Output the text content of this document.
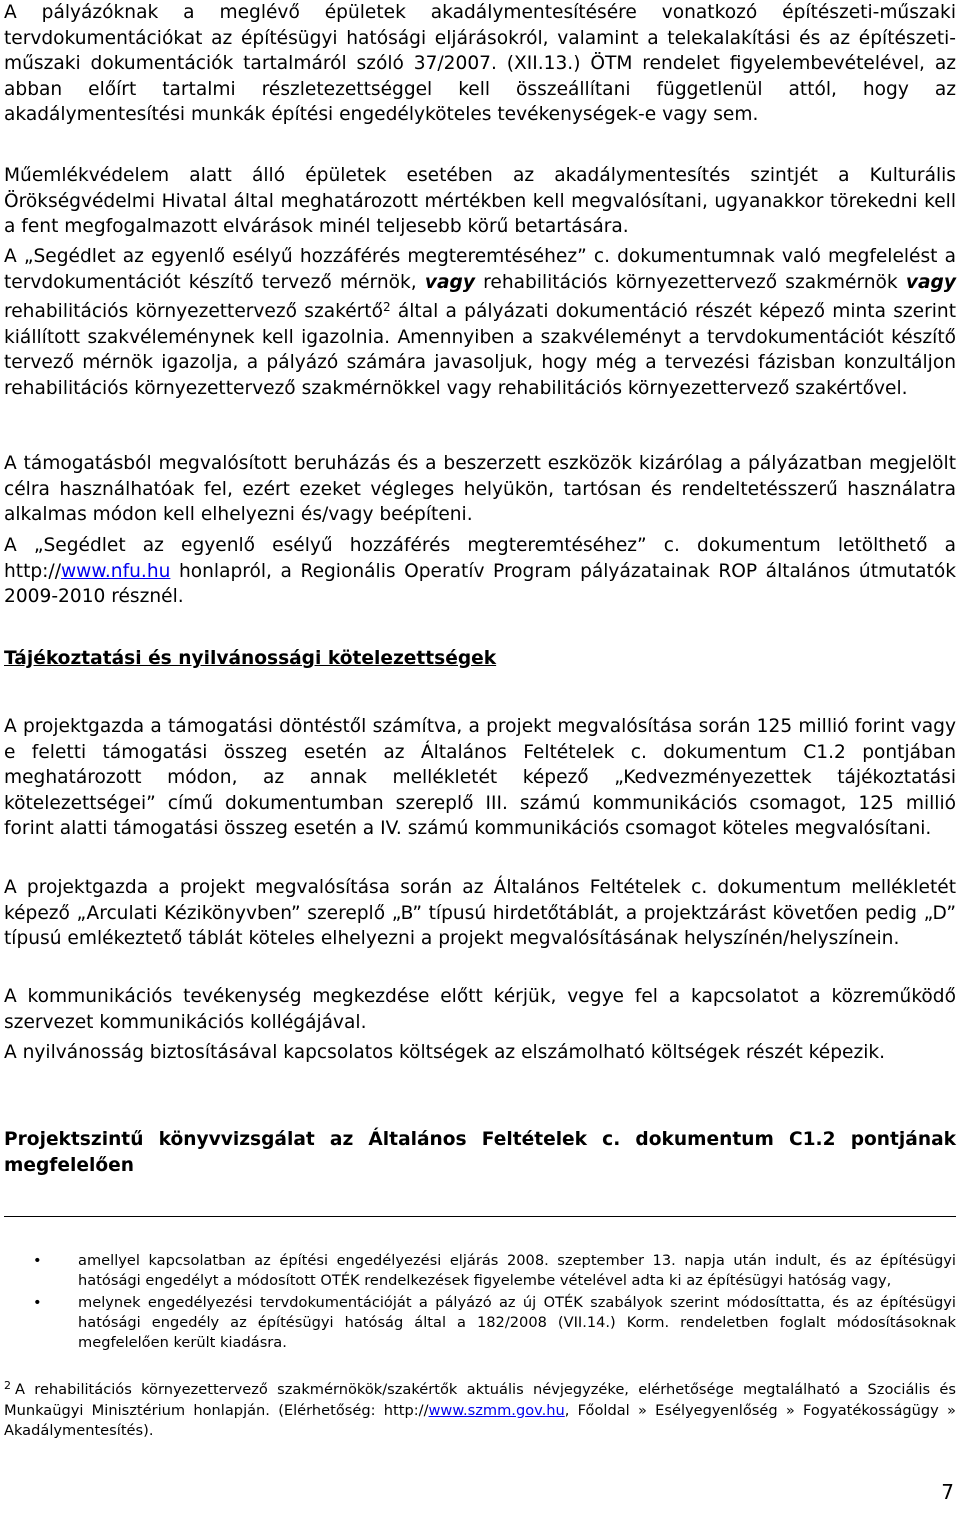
A pályázóknak a meglévő épületek akadálymentesítésére vonatkozó építészeti-műszaki tervdokumentációkat az építésügyi hatósági eljárásokról, valamint a telekalakítási és az építészeti-műszaki dokumentációk tartalmáról szóló 37/2007. (XII.13.) ÖTM rendelet figyelembevételével, az abban előírt tartalmi részletezettséggel kell összeállítani függetlenül attól, hogy az akadálymentesítési munkák építési engedélyköteles tevékenységek-e vagy sem.

Műemlékvédelem alatt álló épületek esetében az akadálymentesítés szintjét a Kulturális Örökségvédelmi Hivatal által meghatározott mértékben kell megvalósítani, ugyanakkor törekedni kell a fent megfogalmazott elvárások minél teljesebb körű betartására.

A „Segédlet az egyenlő esélyű hozzáférés megteremtéséhez” c. dokumentumnak való megfelelést a tervdokumentációt készítő tervező mérnök, vagy rehabilitációs környezettervező szakmérnök vagy rehabilitációs környezettervező szakértő$^2$ által a pályázati dokumentáció részét képező minta szerint kiállított szakvéleménynek kell igazolnia. Amennyiben a szakvéleményt a tervdokumentációt készítő tervező mérnök igazolja, a pályázó számára javasoljuk, hogy még a tervezési fázisban konzultáljon rehabilitációs környezettervező szakmérnökkel vagy rehabilitációs környezettervező szakértővel.

A támogatásból megvalósított beruházás és a beszerzett eszközök kizárólag a pályázatban megjelölt célra használhatóak fel, ezért ezeket végleges helyükön, tartósan és rendeltetésszerű használatra alkalmas módon kell elhelyezni és/vagy beépíteni.

A „Segédlet az egyenlő esélyű hozzáférés megteremtéséhez” c. dokumentum letölthető a http://www.nfu.hu honlapról, a Regionális Operatív Program pályázatainak ROP általános útmutatók 2009-2010 résznél.

Tájékoztatási és nyilvánossági kötelezettségek

A projektgazda a támogatási döntéstől számítva, a projekt megvalósítása során 125 millió forint vagy e feletti támogatási összeg esetén az Általános Feltételek c. dokumentum C1.2 pontjában meghatározott módon, az annak mellékletét képező „Kedvezményezettek tájékoztatási kötelezettségei” című dokumentumban szereplő III. számú kommunikációs csomagot, 125 millió forint alatti támogatási összeg esetén a IV. számú kommunikációs csomagot köteles megvalósítani.

A projektgazda a projekt megvalósítása során az Általános Feltételek c. dokumentum mellékletét képező „Arculati Kézikönyvben” szereplő „B” típusú hirdetőtáblát, a projektzárást követően pedig „D” típusú emlékeztető táblát köteles elhelyezni a projekt megvalósításának helyszínén/helyszínein.

A kommunikációs tevékenység megkezdése előtt kérjük, vegye fel a kapcsolatot a közreműködő szervezet kommunikációs kollégájával.

A nyilvánosság biztosításával kapcsolatos költségek az elszámolható költségek részét képezik.

Projektszintű könyvvizsgálat az Általános Feltételek c. dokumentum C1.2 pontjának megfelelően

• amellyel kapcsolatban az építési engedélyezési eljárás 2008. szeptember 13. napja után indult, és az építésügyi hatósági engedélyt a módosított OTÉK rendelkezések figyelembe vételével adta ki az építésügyi hatóság vagy,
• melynek engedélyezési tervdokumentációját a pályázó az új OTÉK szabályok szerint módosíttatta, és az építésügyi hatósági engedély az építésügyi hatóság által a 182/2008 (VII.14.) Korm. rendeletben foglalt módosításoknak megfelelően került kiadásra.

$^2$ A rehabilitációs környezettervező szakmérnökök/szakértők aktuális névjegyzéke, elérhetősége megtalálható a Szociális és Munkaügyi Minisztérium honlapján. (Elérhetőség: http://www.szmm.gov.hu, Főoldal » Esélyegyenlőség » Fogyatékosságügy » Akadálymentesítés).

7
